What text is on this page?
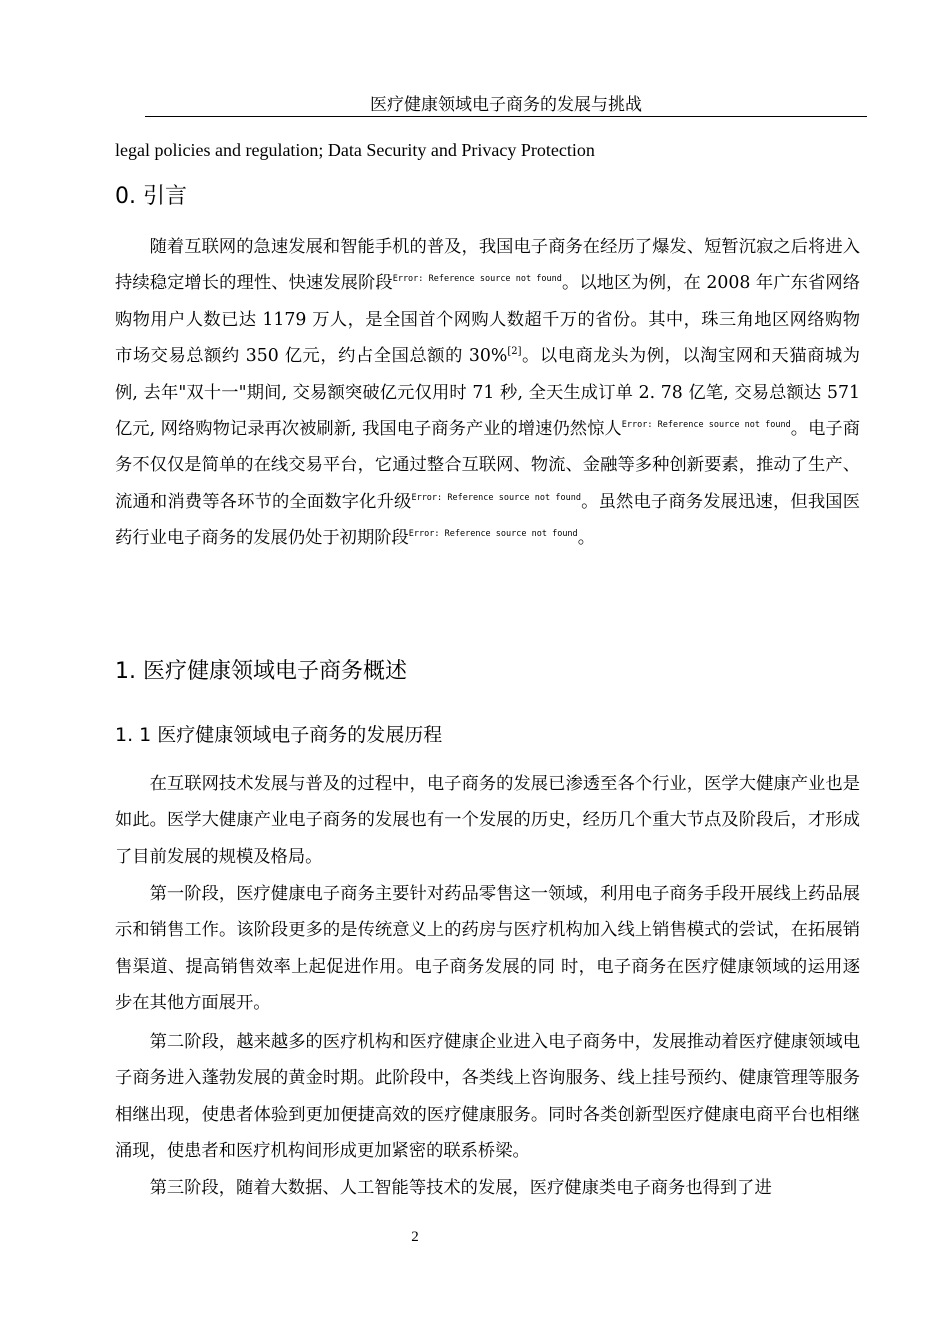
医疗健康领域电子商务的发展与挑战
legal policies and regulation; Data Security and Privacy Protection
0. 引言

随着互联网的急速发展和智能手机的普及，我国电子商务在经历了爆发、短暂沉寂之后将进入持续稳定增长的理性、快速发展阶段$^{Error: Reference source not found}$。以地区为例，在 2008 年广东省网络购物用户人数已达 1179 万人，是全国首个网购人数超千万的省份。其中，珠三角地区网络购物市场交易总额约 350 亿元，约占全国总额的 30%[2]。以电商龙头为例，以淘宝网和天猫商城为例, 去年"双十一"期间, 交易额突破亿元仅用时 71 秒, 全天生成订单 2. 78 亿笔, 交易总额达 571 亿元, 网络购物记录再次被刷新, 我国电子商务产业的增速仍然惊人$^{Error: Reference source not found}$。电子商务不仅仅是简单的在线交易平台，它通过整合互联网、物流、金融等多种创新要素，推动了生产、流通和消费等各环节的全面数字化升级$^{Error: Reference source not found}$。虽然电子商务发展迅速，但我国医药行业电子商务的发展仍处于初期阶段$^{Error: Reference source not found}$。

1. 医疗健康领域电子商务概述
1. 1 医疗健康领域电子商务的发展历程

在互联网技术发展与普及的过程中，电子商务的发展已渗透至各个行业，医学大健康产业也是如此。医学大健康产业电子商务的发展也有一个发展的历史，经历几个重大节点及阶段后，才形成了目前发展的规模及格局。

第一阶段，医疗健康电子商务主要针对药品零售这一领域，利用电子商务手段开展线上药品展示和销售工作。该阶段更多的是传统意义上的药房与医疗机构加入线上销售模式的尝试，在拓展销售渠道、提高销售效率上起促进作用。电子商务发展的同 时，电子商务在医疗健康领域的运用逐步在其他方面展开。

第二阶段，越来越多的医疗机构和医疗健康企业进入电子商务中，发展推动着医疗健康领域电子商务进入蓬勃发展的黄金时期。此阶段中，各类线上咨询服务、线上挂号预约、健康管理等服务相继出现，使患者体验到更加便捷高效的医疗健康服务。同时各类创新型医疗健康电商平台也相继涌现，使患者和医疗机构间形成更加紧密的联系桥梁。

第三阶段，随着大数据、人工智能等技术的发展，医疗健康类电子商务也得到了进

2
